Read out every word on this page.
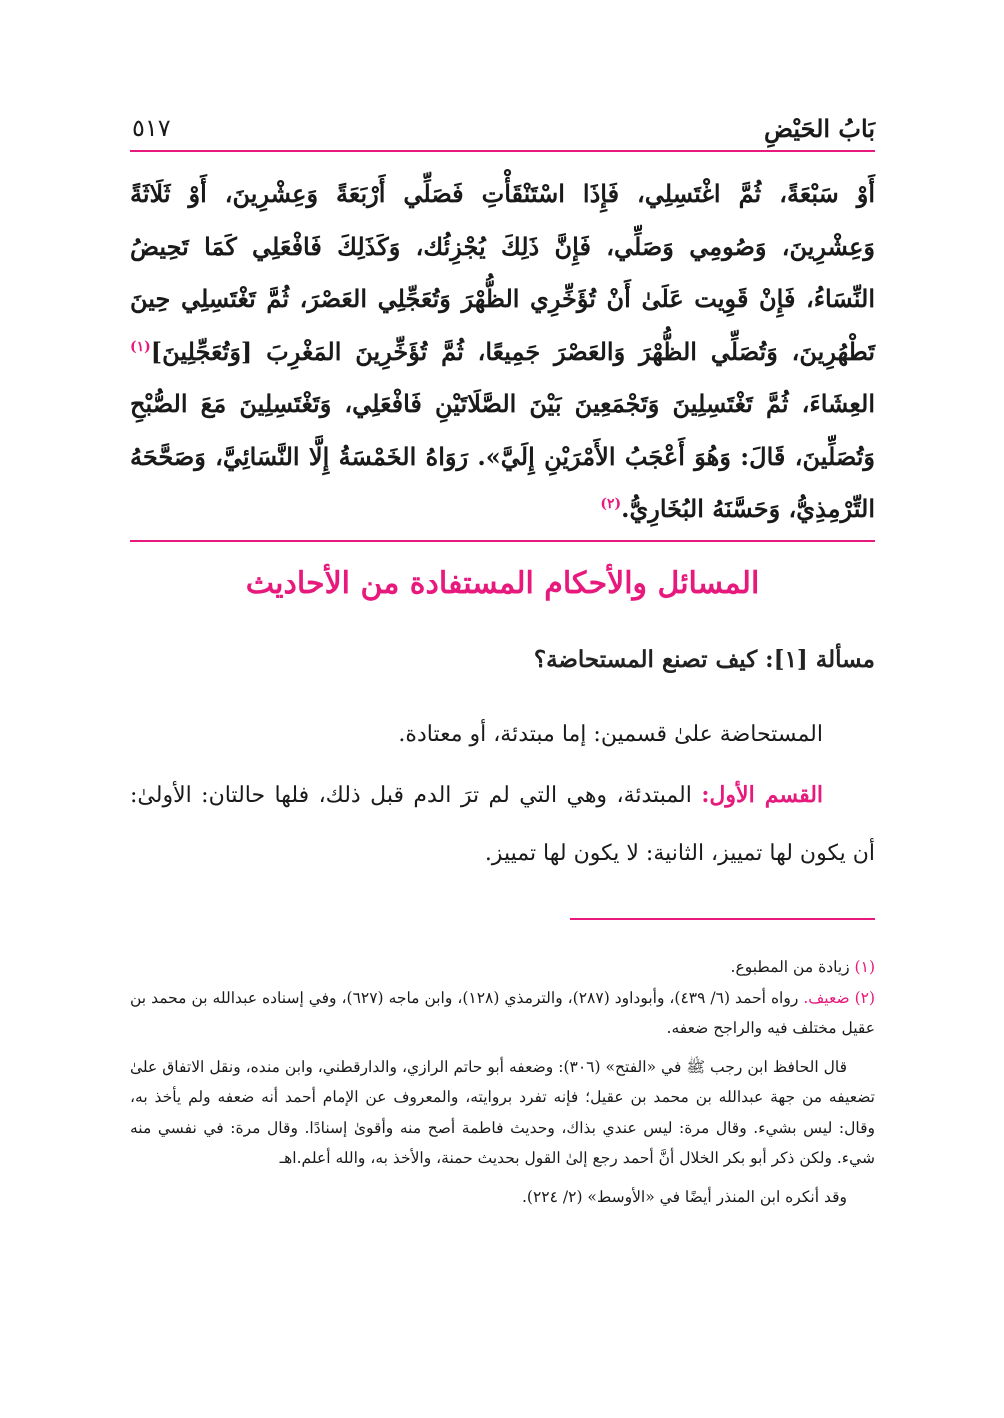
بَابُ الحَيْضِ
٥١٧

أَوْ سَبْعَةً، ثُمَّ اغْتَسِلِي، فَإِذَا اسْتَنْقَأْتِ فَصَلِّي أَرْبَعَةً وَعِشْرِينَ، أَوْ ثَلَاثَةً وَعِشْرِينَ، وَصُومِي وَصَلِّي، فَإِنَّ ذَلِكَ يُجْزِئُك، وَكَذَلِكَ فَافْعَلِي كَمَا تَحِيضُ النِّسَاءُ، فَإِنْ قَوِيت عَلَىٰ أَنْ تُؤَخِّرِي الظُّهْرَ وَتُعَجِّلِي العَصْرَ، ثُمَّ تَغْتَسِلِي حِينَ تَطْهُرِينَ، وَتُصَلِّي الظُّهْرَ وَالعَصْرَ جَمِيعًا، ثُمَّ تُؤَخِّرِينَ المَغْرِبَ [وَتُعَجِّلِينَ]$^{(١)}$ العِشَاءَ، ثُمَّ تَغْتَسِلِينَ وَتَجْمَعِينَ بَيْنَ الصَّلَاتَيْنِ فَافْعَلِي، وَتَغْتَسِلِينَ مَعَ الصُّبْحِ وَتُصَلِّينَ، قَالَ: وَهُوَ أَعْجَبُ الأَمْرَيْنِ إِلَيَّ». رَوَاهُ الخَمْسَةُ إِلَّا النَّسَائِيَّ، وَصَحَّحَهُ التِّرْمِذِيُّ، وَحَسَّنَهُ البُخَارِيُّ.$^{(٢)}$

المسائل والأحكام المستفادة من الأحاديث
مسألة [١]: كيف تصنع المستحاضة؟

المستحاضة علىٰ قسمين: إما مبتدئة، أو معتادة.

القسم الأول: المبتدئة، وهي التي لم ترَ الدم قبل ذلك، فلها حالتان: الأولىٰ: أن يكون لها تمييز، الثانية: لا يكون لها تمييز.

(١) زيادة من المطبوع.

(٢) ضعيف. رواه أحمد (٦/ ٤٣٩)، وأبوداود (٢٨٧)، والترمذي (١٢٨)، وابن ماجه (٦٢٧)، وفي إسناده عبدالله بن محمد بن عقيل مختلف فيه والراجح ضعفه.

قال الحافظ ابن رجب ﷺ في «الفتح» (٣٠٦): وضعفه أبو حاتم الرازي، والدارقطني، وابن منده، ونقل الاتفاق علىٰ تضعيفه من جهة عبدالله بن محمد بن عقيل؛ فإنه تفرد بروايته، والمعروف عن الإمام أحمد أنه ضعفه ولم يأخذ به، وقال: ليس بشيء. وقال مرة: ليس عندي بذاك، وحديث فاطمة أصح منه وأقوىٰ إسنادًا. وقال مرة: في نفسي منه شيء. ولكن ذكر أبو بكر الخلال أنَّ أحمد رجع إلىٰ القول بحديث حمنة، والأخذ به، والله أعلم.اهـ

وقد أنكره ابن المنذر أيضًا في «الأوسط» (٢/ ٢٢٤).
